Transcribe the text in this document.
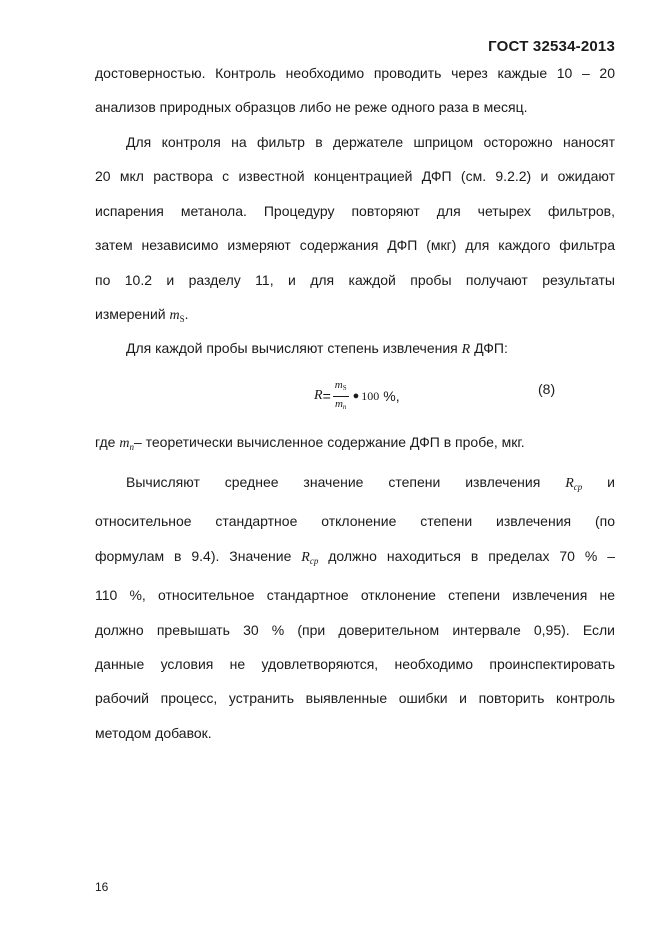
ГОСТ 32534-2013
достоверностью. Контроль необходимо проводить через каждые 10 – 20
анализов природных образцов либо не реже одного раза в месяц.
Для контроля на фильтр в держателе шприцом осторожно наносят
20 мкл раствора с известной концентрацией ДФП (см. 9.2.2) и ожидают
испарения метанола. Процедуру повторяют для четырех фильтров,
затем независимо измеряют содержания ДФП (мкг) для каждого фильтра
по 10.2 и разделу 11, и для каждой пробы получают результаты
измерений $m_S$.
Для каждой пробы вычисляют степень извлечения R ДФП:
$R = \frac{mS}{mn}$ ● 100 %,	(8)
где $m_n-$ теоретически вычисленное содержание ДФП в пробе, мкг.
Вычисляют среднее значение степени извлечения $R_{ср}$ и
относительное стандартное отклонение степени извлечения (по
формулам в 9.4). Значение $R_{ср}$ должно находиться в пределах 70 % –
110 %, относительное стандартное отклонение степени извлечения не
должно превышать 30 % (при доверительном интервале 0,95). Если
данные условия не удовлетворяются, необходимо проинспектировать
рабочий процесс, устранить выявленные ошибки и повторить контроль
методом добавок.
16
